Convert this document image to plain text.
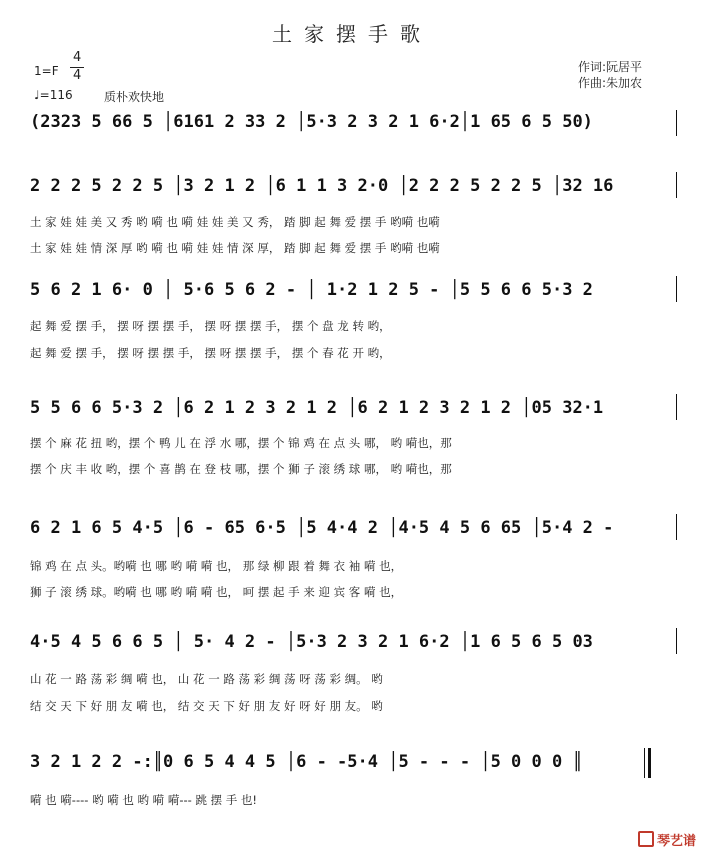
土家摆手歌
1=F
4
4
♩=116	质朴欢快地
作词:阮居平
作曲:朱加农
(2323 5 66 5 │6161 2 33 2 │5·3 2 3 2 1 6·2│1 65 6 5 50)
2 2 2 5 2 2 5 │3 2 1 2 │6 1 1 3 2·0 │2 2 2 5 2 2 5 │32 16
土 家 娃 娃 美 又 秀 哟 嗬 也 嗬 娃 娃 美 又 秀， 踏 脚 起 舞 爱 摆 手 哟嗬 也嗬
土 家 娃 娃 情 深 厚 哟 嗬 也 嗬 娃 娃 情 深 厚， 踏 脚 起 舞 爱 摆 手 哟嗬 也嗬
5 6 2 1 6· 0 │ 5·6 5 6 2 - │ 1·2 1 2 5 - │5 5 6 6 5·3 2
起 舞 爱 摆 手， 摆 呀 摆 摆 手， 摆 呀 摆 摆 手， 摆 个 盘 龙 转 哟，
起 舞 爱 摆 手， 摆 呀 摆 摆 手， 摆 呀 摆 摆 手， 摆 个 春 花 开 哟，
5 5 6 6 5·3 2 │6 2 1 2 3 2 1 2 │6 2 1 2 3 2 1 2 │05 32·1
摆 个 麻 花 扭 哟，摆 个 鸭 儿 在 浮 水 哪，摆 个 锦 鸡 在 点 头 哪， 哟 嗬也，那
摆 个 庆 丰 收 哟，摆 个 喜 鹊 在 登 枝 哪，摆 个 狮 子 滚 绣 球 哪， 哟 嗬也，那
6 2 1 6 5 4·5 │6 - 65 6·5 │5 4·4 2 │4·5 4 5 6 65 │5·4 2 -
锦 鸡 在 点 头。哟嗬 也 哪 哟 嗬 嗬 也， 那 绿 柳 跟 着 舞 衣 袖 嗬 也，
狮 子 滚 绣 球。哟嗬 也 哪 哟 嗬 嗬 也， 呵 摆 起 手 来 迎 宾 客 嗬 也，
4·5 4 5 6 6 5 │ 5· 4 2 - │5·3 2 3 2 1 6·2 │1 6 5 6 5 03
山 花 一 路 荡 彩 绸 嗬 也， 山 花 一 路 荡 彩 绸 荡 呀 荡 彩 绸。 哟
结 交 天 下 好 朋 友 嗬 也， 结 交 天 下 好 朋 友 好 呀 好 朋 友。 哟
3 2 1 2 2 -:║0 6 5 4 4 5 │6 - -5·4 │5 - - - │5 0 0 0 ║
嗬 也 嗬---- 哟 嗬 也 哟 嗬 嗬--- 跳 摆 手 也!
琴艺谱
